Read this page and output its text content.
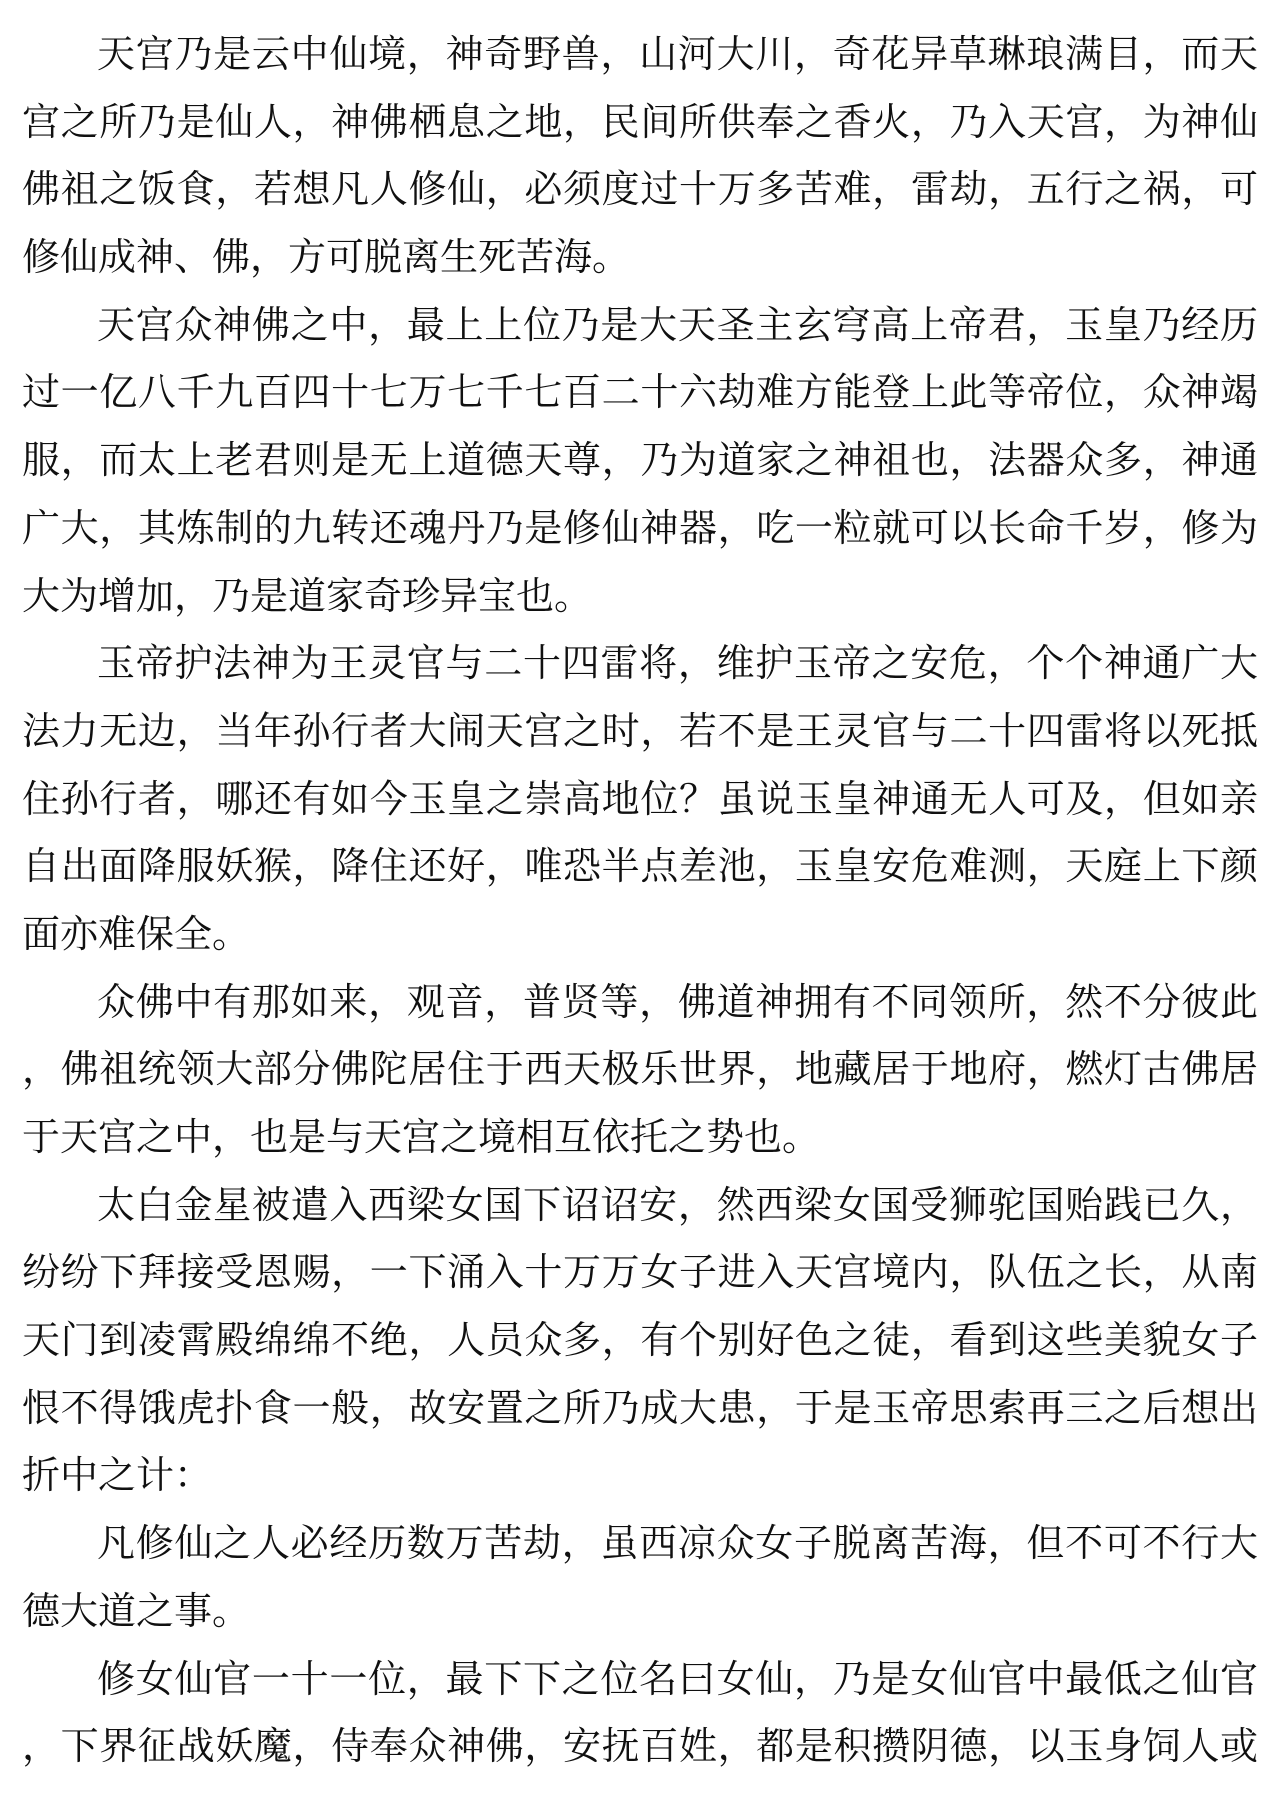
天宫乃是云中仙境，神奇野兽，山河大川，奇花异草琳琅满目，而天
宫之所乃是仙人，神佛栖息之地，民间所供奉之香火，乃入天宫，为神仙
佛祖之饭食，若想凡人修仙，必须度过十万多苦难，雷劫，五行之祸，可
修仙成神、佛，方可脱离生死苦海。
天宫众神佛之中，最上上位乃是大天圣主玄穹高上帝君，玉皇乃经历
过一亿八千九百四十七万七千七百二十六劫难方能登上此等帝位，众神竭
服，而太上老君则是无上道德天尊，乃为道家之神祖也，法器众多，神通
广大，其炼制的九转还魂丹乃是修仙神器，吃一粒就可以长命千岁，修为
大为增加，乃是道家奇珍异宝也。
玉帝护法神为王灵官与二十四雷将，维护玉帝之安危，个个神通广大
法力无边，当年孙行者大闹天宫之时，若不是王灵官与二十四雷将以死抵
住孙行者，哪还有如今玉皇之崇高地位？虽说玉皇神通无人可及，但如亲
自出面降服妖猴，降住还好，唯恐半点差池，玉皇安危难测，天庭上下颜
面亦难保全。
众佛中有那如来，观音，普贤等，佛道神拥有不同领所，然不分彼此
，佛祖统领大部分佛陀居住于西天极乐世界，地藏居于地府，燃灯古佛居
于天宫之中，也是与天宫之境相互依托之势也。
太白金星被遣入西梁女国下诏诏安，然西梁女国受狮驼国贻践已久，
纷纷下拜接受恩赐，一下涌入十万万女子进入天宫境内，队伍之长，从南
天门到凌霄殿绵绵不绝，人员众多，有个别好色之徒，看到这些美貌女子
恨不得饿虎扑食一般，故安置之所乃成大患，于是玉帝思索再三之后想出
折中之计：
凡修仙之人必经历数万苦劫，虽西凉众女子脱离苦海，但不可不行大
德大道之事。
修女仙官一十一位，最下下之位名曰女仙，乃是女仙官中最低之仙官
，下界征战妖魔，侍奉众神佛，安抚百姓，都是积攒阴德，以玉身饲人或
